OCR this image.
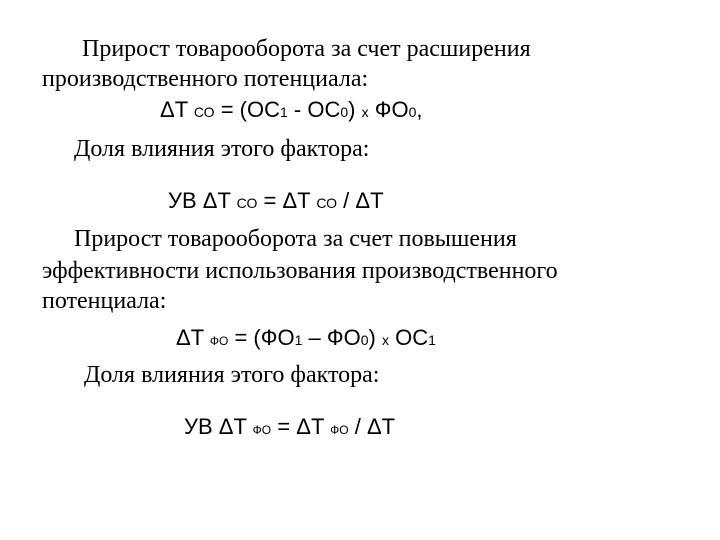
Прирост товарооборота за счет расширения
производственного потенциала:
ΔT СО = (ОС1 - ОС0) х ФО0,
Доля влияния этого фактора:
УВ ΔT СО = ΔT СО / ΔT
Прирост товарооборота за счет повышения
эффективности использования производственного
потенциала:
ΔT ФО = (ФО1 – ФО0) х ОС1
Доля влияния этого фактора:
УВ ΔT ФО = ΔT ФО / ΔT
